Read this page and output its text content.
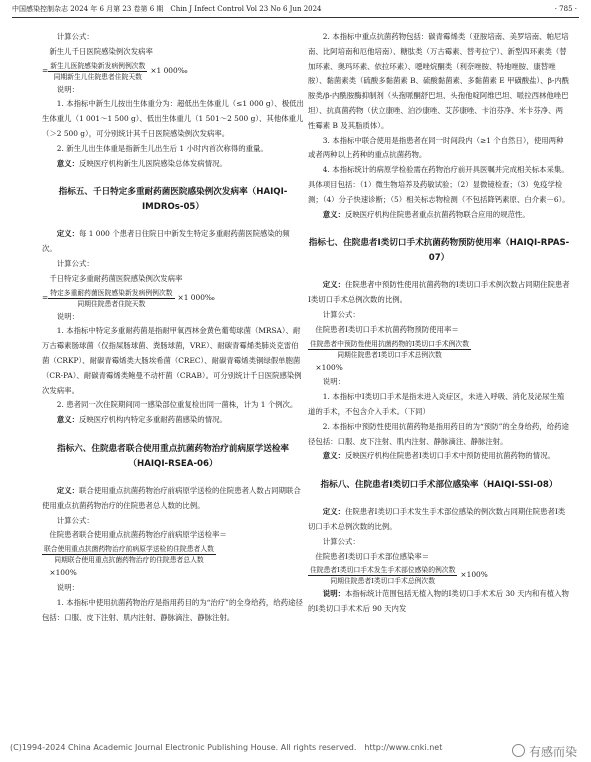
中国感染控制杂志 2024 年 6 月第 23 卷第 6 期　Chin J Infect Control Vol 23 No 6 Jun 2024	· 785 ·

计算公式：

新生儿千日医院感染例次发病率

= $\frac{\text{新生儿医院感染新发病例例次数}}{\text{同期新生儿住院患者住院天数}} \times 1$ 000‰

说明：

1. 本指标中新生儿按出生体重分为：超低出生体重儿（≤1 000 g）、极低出生体重儿（1 001～1 500 g）、低出生体重儿（1 501～2 500 g）、其他体重儿（＞2 500 g），可分别统计其千日医院感染例次发病率。

2. 新生儿出生体重是指新生儿出生后 1 小时内首次称得的重量。

意义：反映医疗机构新生儿医院感染总体发病情况。

指标五、千日特定多重耐药菌医院感染例次发病率（HAIQI-IMDROs-05）

定义：每 1 000 个患者日住院日中新发生特定多重耐药菌医院感染的频次。

计算公式：

千日特定多重耐药菌医院感染例次发病率

= $\frac{\text{特定多重耐药菌医院感染新发病例例次数}}{\text{同期住院患者住院天数}} \times 1$ 000‰

说明：

1. 本指标中特定多重耐药菌是指耐甲氧西林金黄色葡萄球菌（MRSA）、耐万古霉素肠球菌（仅指屎肠球菌、粪肠球菌，VRE）、耐碳青霉烯类肺炎克雷伯菌（CRKP）、耐碳青霉烯类大肠埃希菌（CREC）、耐碳青霉烯类铜绿假单胞菌（CR-PA）、耐碳青霉烯类鲍曼不动杆菌（CRAB）。可分别统计千日医院感染例次发病率。

2. 患者同一次住院期间同一感染部位重复检出同一菌株，计为 1 个例次。

意义：反映医疗机构内特定多重耐药菌感染的情况。

指标六、住院患者联合使用重点抗菌药物治疗前病原学送检率（HAIQI-RSEA-06）

定义：联合使用重点抗菌药物治疗前病原学送检的住院患者人数占同期联合使用重点抗菌药物治疗的住院患者总人数的比例。

计算公式：

住院患者联合使用重点抗菌药物治疗前病原学送检率＝

$\frac{\text{联合使用重点抗菌药物治疗前病原学送检的住院患者人数}}{\text{同期联合使用重点抗菌药物治疗的住院患者总人数}}$

×100%

说明：

1. 本指标中使用抗菌药物治疗是指用药目的为“治疗”的全身给药，给药途径包括：口服、皮下注射、肌内注射、静脉滴注、静脉注射。

2. 本指标中重点抗菌药物包括：碳青霉烯类（亚胺培南、美罗培南、帕尼培南、比阿培南和厄他培南）、糖肽类（万古霉素、替考拉宁）、新型四环素类（替加环素、奥玛环素、依拉环素）、噁唑烷酮类（利奈唑胺、特地唑胺、康替唑胺）、黏菌素类（硫酸多黏菌素 B、硫酸黏菌素、多黏菌素 E 甲磺酸盐）、β-内酰胺类/β-内酰胺酶抑制剂（头孢哌酮舒巴坦、头孢他啶阿维巴坦、哌拉西林他唑巴坦）、抗真菌药物（伏立康唑、泊沙康唑、艾莎康唑、卡泊芬净、米卡芬净、两性霉素 B 及其脂质体）。

3. 本指标中联合使用是指患者在同一时间段内（≥1 个自然日），使用两种或者两种以上药种的重点抗菌药物。

4. 本指标统计的病原学检验需在药物治疗前开具医嘱并完成相关标本采集。具体项目包括：（1）微生物培养及药敏试验；（2）显微镜检查；（3）免疫学检测；（4）分子快速诊断；（5）相关标志物检测（不包括降钙素原、白介素－6）。

意义：反映医疗机构住院患者重点抗菌药物联合应用的规范性。

指标七、住院患者Ⅰ类切口手术抗菌药物预防使用率（HAIQI-RPAS-07）

定义：住院患者中预防性使用抗菌药物的Ⅰ类切口手术例次数占同期住院患者Ⅰ类切口手术总例次数的比例。

计算公式：

住院患者Ⅰ类切口手术抗菌药物预防使用率＝

$\frac{\text{住院患者中预防性使用抗菌药物的Ⅰ类切口手术例次数}}{\text{同期住院患者Ⅰ类切口手术总例次数}}$

×100%

说明：

1. 本指标中Ⅰ类切口手术是指未进入炎症区，未进入呼吸、消化及泌尿生殖道的手术，不包含介入手术。（下同）

2. 本指标中预防性使用抗菌药物是指用药目的为“预防”的全身给药，给药途径包括：口服、皮下注射、肌内注射、静脉滴注、静脉注射。

意义：反映医疗机构住院患者Ⅰ类切口手术中预防使用抗菌药物的情况。

指标八、住院患者Ⅰ类切口手术部位感染率（HAIQI-SSI-08）

定义：住院患者Ⅰ类切口手术发生手术部位感染的例次数占同期住院患者Ⅰ类切口手术总例次数的比例。

计算公式：

住院患者Ⅰ类切口手术部位感染率＝

$\frac{\text{住院患者Ⅰ类切口手术发生手术部位感染的例次数}}{\text{同期住院患者Ⅰ类切口手术总例次数}} \times 100\%$

说明：本指标统计范围包括无植入物的Ⅰ类切口手术术后 30 天内和有植入物的Ⅰ类切口手术术后 90 天内发

(C)1994-2024 China Academic Journal Electronic Publishing House. All rights reserved.　http://www.cnki.net	有感而染
